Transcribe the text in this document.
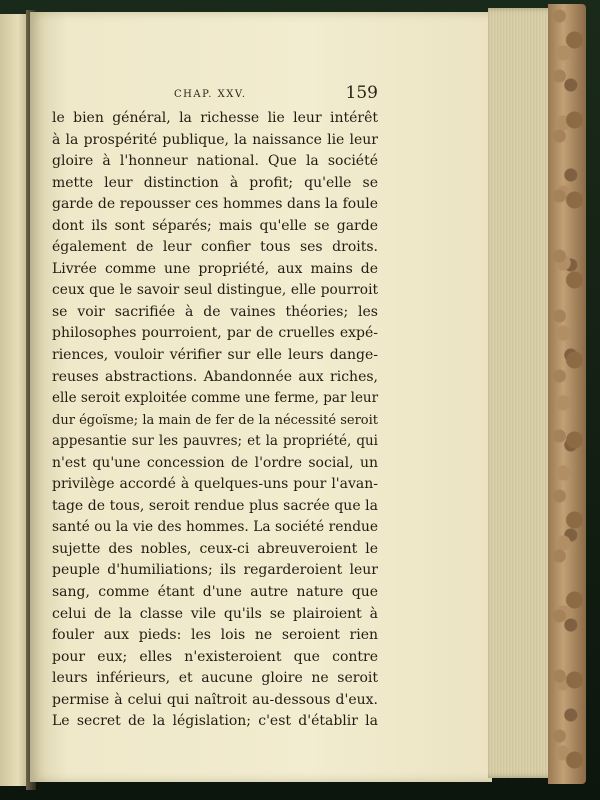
CHAP. XXV.	159
le bien général, la richesse lie leur intérêt
à la prospérité publique, la naissance lie leur
gloire à l'honneur national. Que la société
mette leur distinction à profit; qu'elle se
garde de repousser ces hommes dans la foule
dont ils sont séparés; mais qu'elle se garde
également de leur confier tous ses droits.
Livrée comme une propriété, aux mains de
ceux que le savoir seul distingue, elle pourroit
se voir sacrifiée à de vaines théories; les
philosophes pourroient, par de cruelles expé-
riences, vouloir vérifier sur elle leurs dange-
reuses abstractions. Abandonnée aux riches,
elle seroit exploitée comme une ferme, par leur
dur égoïsme; la main de fer de la nécessité seroit
appesantie sur les pauvres; et la propriété, qui
n'est qu'une concession de l'ordre social, un
privilège accordé à quelques-uns pour l'avan-
tage de tous, seroit rendue plus sacrée que la
santé ou la vie des hommes. La société rendue
sujette des nobles, ceux-ci abreuveroient le
peuple d'humiliations; ils regarderoient leur
sang, comme étant d'une autre nature que
celui de la classe vile qu'ils se plairoient à
fouler aux pieds: les lois ne seroient rien
pour eux; elles n'existeroient que contre
leurs inférieurs, et aucune gloire ne seroit
permise à celui qui naîtroit au-dessous d'eux.
Le secret de la législation; c'est d'établir la
